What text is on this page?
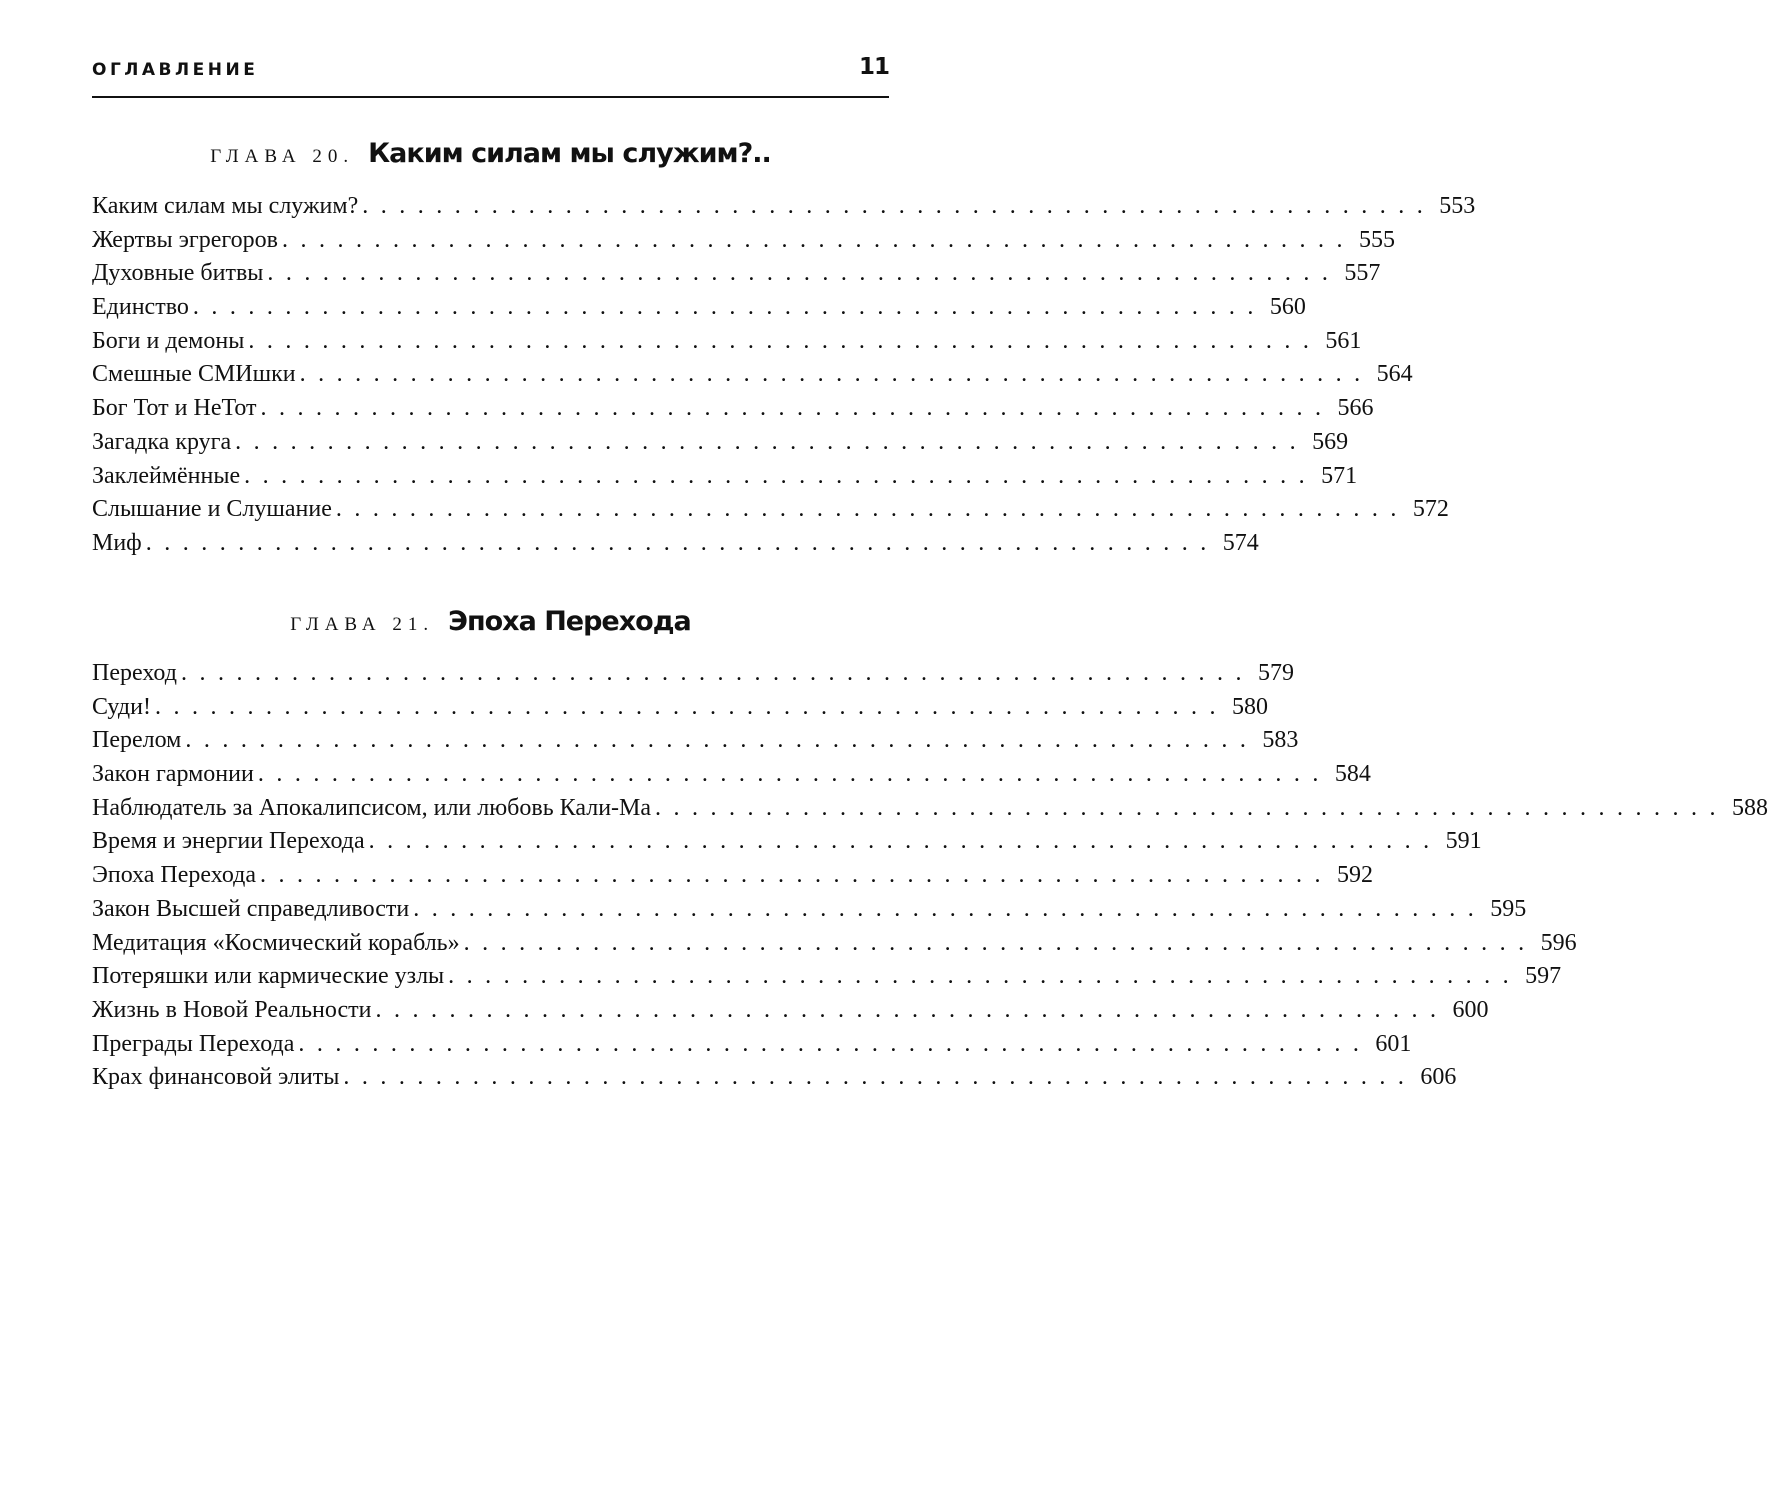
ОГЛАВЛЕНИЕ	11
ГЛАВА 20. Каким силам мы служим?..
Каким силам мы служим? .......................................................... 553
Жертвы эгрегоров .......................................................... 555
Духовные битвы .......................................................... 557
Единство .......................................................... 560
Боги и демоны .......................................................... 561
Смешные СМИшки .......................................................... 564
Бог Тот и НеТот .......................................................... 566
Загадка круга .......................................................... 569
Заклеймённые .......................................................... 571
Слышание и Слушание .......................................................... 572
Миф .......................................................... 574
ГЛАВА 21. Эпоха Перехода
Переход .......................................................... 579
Суди! .......................................................... 580
Перелом .......................................................... 583
Закон гармонии .......................................................... 584
Наблюдатель за Апокалипсисом, или любовь Кали-Ма .......................................................... 588
Время и энергии Перехода .......................................................... 591
Эпоха Перехода .......................................................... 592
Закон Высшей справедливости .......................................................... 595
Медитация «Космический корабль» .......................................................... 596
Потеряшки или кармические узлы .......................................................... 597
Жизнь в Новой Реальности .......................................................... 600
Преграды Перехода .......................................................... 601
Крах финансовой элиты .......................................................... 606
